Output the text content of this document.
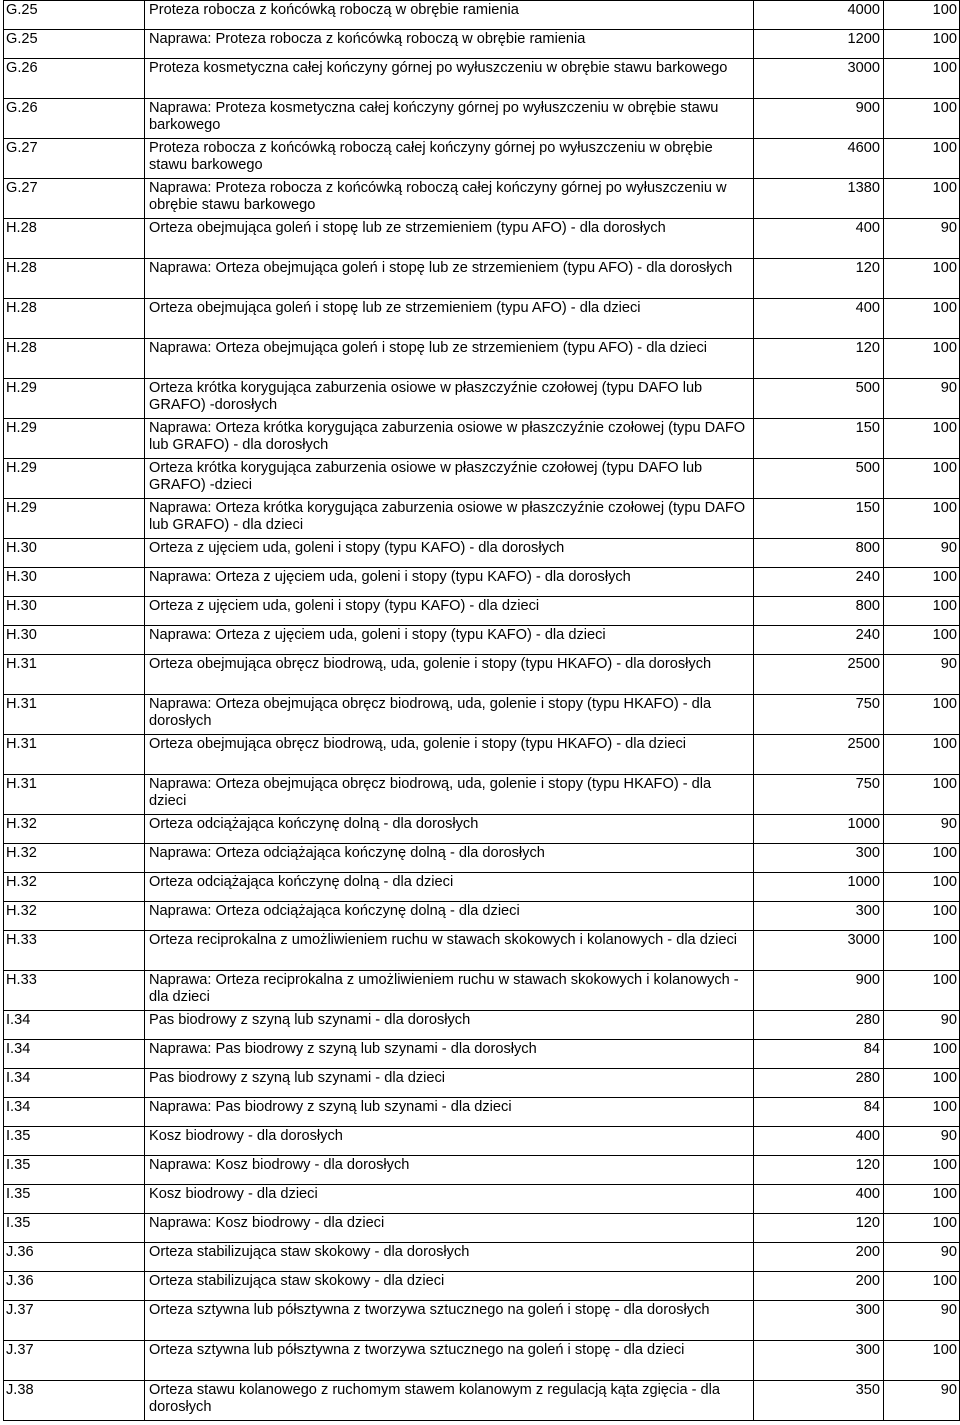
G.25	Proteza robocza z końcówką roboczą w obrębie ramienia	4000	100
G.25	Naprawa: Proteza robocza z końcówką roboczą w obrębie ramienia	1200	100
G.26	Proteza kosmetyczna całej kończyny górnej po wyłuszczeniu w obrębie stawu barkowego	3000	100
G.26	Naprawa: Proteza kosmetyczna całej kończyny górnej po wyłuszczeniu w obrębie stawu barkowego	900	100
G.27	Proteza robocza z końcówką roboczą całej kończyny górnej po wyłuszczeniu w obrębie stawu barkowego	4600	100
G.27	Naprawa: Proteza robocza z końcówką roboczą całej kończyny górnej po wyłuszczeniu w obrębie stawu barkowego	1380	100
H.28	Orteza obejmująca goleń i stopę lub ze strzemieniem (typu AFO) - dla dorosłych	400	90
H.28	Naprawa: Orteza obejmująca goleń i stopę lub ze strzemieniem (typu AFO) - dla dorosłych	120	100
H.28	Orteza obejmująca goleń i stopę lub ze strzemieniem (typu AFO) - dla dzieci	400	100
H.28	Naprawa: Orteza obejmująca goleń i stopę lub ze strzemieniem (typu AFO) - dla dzieci	120	100
H.29	Orteza krótka korygująca zaburzenia osiowe w płaszczyźnie czołowej (typu DAFO lub GRAFO) -dorosłych	500	90
H.29	Naprawa: Orteza krótka korygująca zaburzenia osiowe w płaszczyźnie czołowej (typu DAFO lub GRAFO) - dla dorosłych	150	100
H.29	Orteza krótka korygująca zaburzenia osiowe w płaszczyźnie czołowej (typu DAFO lub GRAFO) -dzieci	500	100
H.29	Naprawa: Orteza krótka korygująca zaburzenia osiowe w płaszczyźnie czołowej (typu DAFO lub GRAFO) - dla dzieci	150	100
H.30	Orteza z ujęciem uda, goleni i stopy (typu KAFO) - dla dorosłych	800	90
H.30	Naprawa: Orteza z ujęciem uda, goleni i stopy (typu KAFO) - dla dorosłych	240	100
H.30	Orteza z ujęciem uda, goleni i stopy (typu KAFO) - dla dzieci	800	100
H.30	Naprawa: Orteza z ujęciem uda, goleni i stopy (typu KAFO) - dla dzieci	240	100
H.31	Orteza obejmująca obręcz biodrową, uda, golenie i stopy (typu HKAFO) - dla dorosłych	2500	90
H.31	Naprawa: Orteza obejmująca obręcz biodrową, uda, golenie i stopy (typu HKAFO) - dla dorosłych	750	100
H.31	Orteza obejmująca obręcz biodrową, uda, golenie i stopy (typu HKAFO) - dla dzieci	2500	100
H.31	Naprawa: Orteza obejmująca obręcz biodrową, uda, golenie i stopy (typu HKAFO) - dla dzieci	750	100
H.32	Orteza odciążająca kończynę dolną - dla dorosłych	1000	90
H.32	Naprawa: Orteza odciążająca kończynę dolną - dla dorosłych	300	100
H.32	Orteza odciążająca kończynę dolną - dla dzieci	1000	100
H.32	Naprawa: Orteza odciążająca kończynę dolną - dla dzieci	300	100
H.33	Orteza reciprokalna z umożliwieniem ruchu w stawach skokowych i kolanowych - dla dzieci	3000	100
H.33	Naprawa: Orteza reciprokalna z umożliwieniem ruchu w stawach skokowych i kolanowych - dla dzieci	900	100
I.34	Pas biodrowy z szyną lub szynami - dla dorosłych	280	90
I.34	Naprawa: Pas biodrowy z szyną lub szynami - dla dorosłych	84	100
I.34	Pas biodrowy z szyną lub szynami - dla dzieci	280	100
I.34	Naprawa: Pas biodrowy z szyną lub szynami - dla dzieci	84	100
I.35	Kosz biodrowy - dla dorosłych	400	90
I.35	Naprawa: Kosz biodrowy - dla dorosłych	120	100
I.35	Kosz biodrowy - dla dzieci	400	100
I.35	Naprawa: Kosz biodrowy - dla dzieci	120	100
J.36	Orteza stabilizująca staw skokowy - dla dorosłych	200	90
J.36	Orteza stabilizująca staw skokowy - dla dzieci	200	100
J.37	Orteza sztywna lub półsztywna z tworzywa sztucznego na goleń i stopę - dla dorosłych	300	90
J.37	Orteza sztywna lub półsztywna z tworzywa sztucznego na goleń i stopę - dla dzieci	300	100
J.38	Orteza stawu kolanowego z ruchomym stawem kolanowym z regulacją kąta zgięcia - dla dorosłych	350	90
